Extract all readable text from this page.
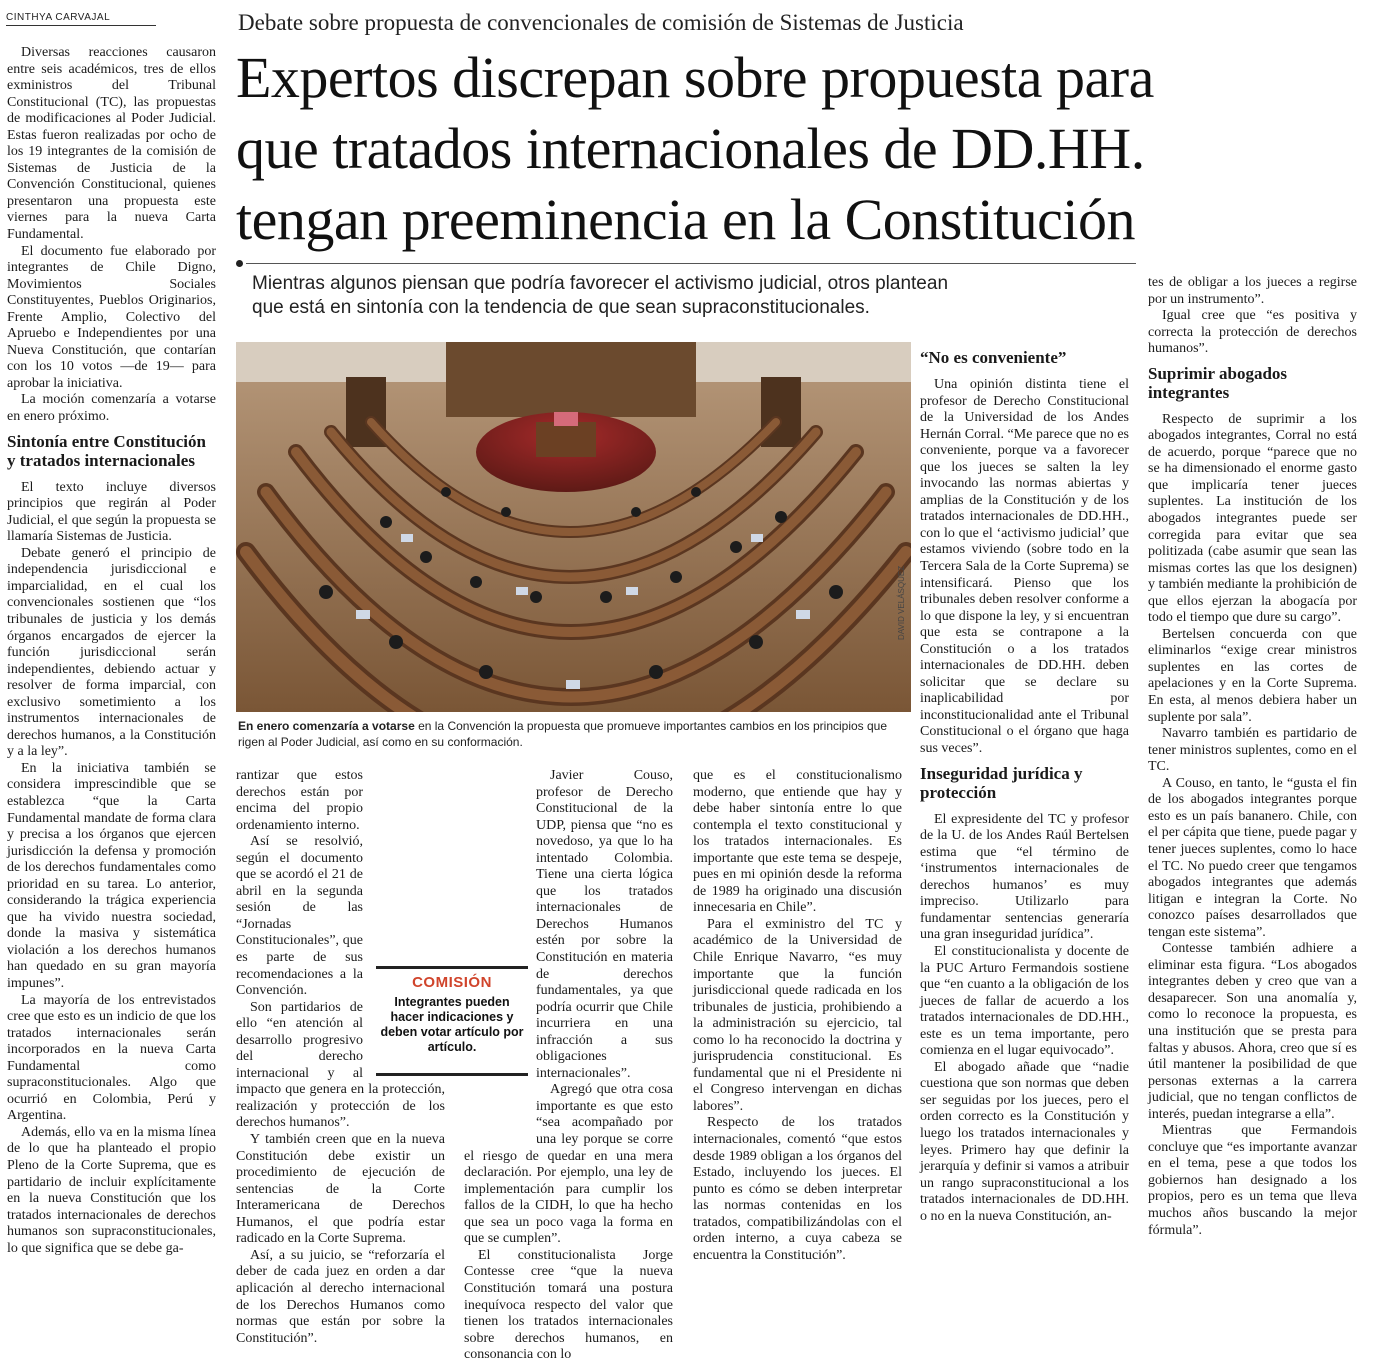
CINTHYA CARVAJAL	Debate sobre propuesta de convencionales de comisión de Sistemas de Justicia
Expertos discrepan sobre propuesta para
que tratados internacionales de DD.HH.
tengan preeminencia en la Constitución
Mientras algunos piensan que podría favorecer el activismo judicial, otros plantean
que está en sintonía con la tendencia de que sean supraconstitucionales.
DAVID VELÁSQUEZ
En enero comenzaría a votarse en la Convención la propuesta que promueve importantes cambios en los principios que rigen al Poder Judicial, así como en su conformación.

Diversas reacciones causaron entre seis académicos, tres de ellos exministros del Tribunal Constitucional (TC), las propuestas de modificaciones al Poder Judicial. Estas fueron realizadas por ocho de los 19 integrantes de la comisión de Sistemas de Justicia de la Convención Constitucional, quienes presentaron una propuesta este viernes para la nueva Carta Fundamental.

El documento fue elaborado por integrantes de Chile Digno, Movimientos Sociales Constituyentes, Pueblos Originarios, Frente Amplio, Colectivo del Apruebo e Independientes por una Nueva Constitución, que contarían con los 10 votos —de 19— para aprobar la iniciativa.

La moción comenzaría a votarse en enero próximo.

Sintonía entre Constitución y tratados internacionales

El texto incluye diversos principios que regirán al Poder Judicial, el que según la propuesta se llamaría Sistemas de Justicia.

Debate generó el principio de independencia jurisdiccional e imparcialidad, en el cual los convencionales sostienen que “los tribunales de justicia y los demás órganos encargados de ejercer la función jurisdiccional serán independientes, debiendo actuar y resolver de forma imparcial, con exclusivo sometimiento a los instrumentos internacionales de derechos humanos, a la Constitución y a la ley”.

En la iniciativa también se considera imprescindible que se establezca “que la Carta Fundamental mandate de forma clara y precisa a los órganos que ejercen jurisdicción la defensa y promoción de los derechos fundamentales como prioridad en su tarea. Lo anterior, considerando la trágica experiencia que ha vivido nuestra sociedad, donde la masiva y sistemática violación a los derechos humanos han quedado en su gran mayoría impunes”.

La mayoría de los entrevistados cree que esto es un indicio de que los tratados internacionales serán incorporados en la nueva Carta Fundamental como supraconstitucionales. Algo que ocurrió en Colombia, Perú y Argentina.

Además, ello va en la misma línea de lo que ha planteado el propio Pleno de la Corte Suprema, que es partidario de incluir explícitamente en la nueva Constitución que los tratados internacionales de derechos humanos son supraconstitucionales, lo que significa que se debe ga-

rantizar que estos derechos están por encima del propio ordenamiento interno.

Así se resolvió, según el documento que se acordó el 21 de abril en la segunda sesión de las “Jornadas Constitucionales”, que es parte de sus recomendaciones a la Convención.

Son partidarios de ello “en atención al desarrollo progresivo del derecho internacional y al impacto que genera en la protección, realización y protección de los derechos humanos”.

Y también creen que en la nueva Constitución debe existir un procedimiento de ejecución de sentencias de la Corte Interamericana de Derechos Humanos, el que podría estar radicado en la Corte Suprema.

Así, a su juicio, se “reforzaría el deber de cada juez en orden a dar aplicación al derecho internacional de los Derechos Humanos como normas que están por sobre la Constitución”.

Javier Couso, profesor de Derecho Constitucional de la UDP, piensa que “no es novedoso, ya que lo ha intentado Colombia. Tiene una cierta lógica que los tratados internacionales de Derechos Humanos estén por sobre la Constitución en materia de derechos fundamentales, ya que podría ocurrir que Chile incurriera en una infracción a sus obligaciones internacionales”.

Agregó que otra cosa importante es que esto “sea acompañado por una ley porque se corre el riesgo de quedar en una mera declaración. Por ejemplo, una ley de implementación para cumplir los fallos de la CIDH, lo que ha hecho que sea un poco vaga la forma en que se cumplen”.

El constitucionalista Jorge Contesse cree “que la nueva Constitución tomará una postura inequívoca respecto del valor que tienen los tratados internacionales sobre derechos humanos, en consonancia con lo

que es el constitucionalismo moderno, que entiende que hay y debe haber sintonía entre lo que contempla el texto constitucional y los tratados internacionales. Es importante que este tema se despeje, pues en mi opinión desde la reforma de 1989 ha originado una discusión innecesaria en Chile”.

Para el exministro del TC y académico de la Universidad de Chile Enrique Navarro, “es muy importante que la función jurisdiccional quede radicada en los tribunales de justicia, prohibiendo a la administración su ejercicio, tal como lo ha reconocido la doctrina y jurisprudencia constitucional. Es fundamental que ni el Presidente ni el Congreso intervengan en dichas labores”.

Respecto de los tratados internacionales, comentó “que estos desde 1989 obligan a los órganos del Estado, incluyendo los jueces. El punto es cómo se deben interpretar las normas contenidas en los tratados, compatibilizándolas con el orden interno, a cuya cabeza se encuentra la Constitución”.

“No es conveniente”

Una opinión distinta tiene el profesor de Derecho Constitucional de la Universidad de los Andes Hernán Corral. “Me parece que no es conveniente, porque va a favorecer que los jueces se salten la ley invocando las normas abiertas y amplias de la Constitución y de los tratados internacionales de DD.HH., con lo que el ‘activismo judicial’ que estamos viviendo (sobre todo en la Tercera Sala de la Corte Suprema) se intensificará. Pienso que los tribunales deben resolver conforme a lo que dispone la ley, y si encuentran que esta se contrapone a la Constitución o a los tratados internacionales de DD.HH. deben solicitar que se declare su inaplicabilidad por inconstitucionalidad ante el Tribunal Constitucional o el órgano que haga sus veces”.

Inseguridad jurídica y protección

El expresidente del TC y profesor de la U. de los Andes Raúl Bertelsen estima que “el término de ‘instrumentos internacionales de derechos humanos’ es muy impreciso. Utilizarlo para fundamentar sentencias generaría una gran inseguridad jurídica”.

El constitucionalista y docente de la PUC Arturo Fermandois sostiene que “en cuanto a la obligación de los jueces de fallar de acuerdo a los tratados internacionales de DD.HH., este es un tema importante, pero comienza en el lugar equivocado”.

El abogado añade que “nadie cuestiona que son normas que deben ser seguidas por los jueces, pero el orden correcto es la Constitución y luego los tratados internacionales y leyes. Primero hay que definir la jerarquía y definir si vamos a atribuir un rango supraconstitucional a los tratados internacionales de DD.HH. o no en la nueva Constitución, an-

tes de obligar a los jueces a regirse por un instrumento”.

Igual cree que “es positiva y correcta la protección de derechos humanos”.

Suprimir abogados integrantes

Respecto de suprimir a los abogados integrantes, Corral no está de acuerdo, porque “parece que no se ha dimensionado el enorme gasto que implicaría tener jueces suplentes. La institución de los abogados integrantes puede ser corregida para evitar que sea politizada (cabe asumir que sean las mismas cortes las que los designen) y también mediante la prohibición de que ellos ejerzan la abogacía por todo el tiempo que dure su cargo”.

Bertelsen concuerda con que eliminarlos “exige crear ministros suplentes en las cortes de apelaciones y en la Corte Suprema. En esta, al menos debiera haber un suplente por sala”.

Navarro también es partidario de tener ministros suplentes, como en el TC.

A Couso, en tanto, le “gusta el fin de los abogados integrantes porque esto es un país bananero. Chile, con el per cápita que tiene, puede pagar y tener jueces suplentes, como lo hace el TC. No puedo creer que tengamos abogados integrantes que además litigan e integran la Corte. No conozco países desarrollados que tengan este sistema”.

Contesse también adhiere a eliminar esta figura. “Los abogados integrantes deben y creo que van a desaparecer. Son una anomalía y, como lo reconoce la propuesta, es una institución que se presta para faltas y abusos. Ahora, creo que sí es útil mantener la posibilidad de que personas externas a la carrera judicial, que no tengan conflictos de interés, puedan integrarse a ella”.

Mientras que Fermandois concluye que “es importante avanzar en el tema, pese a que todos los gobiernos han designado a los propios, pero es un tema que lleva muchos años buscando la mejor fórmula”.

COMISIÓN
Integrantes pueden hacer indicaciones y deben votar artículo por artículo.
